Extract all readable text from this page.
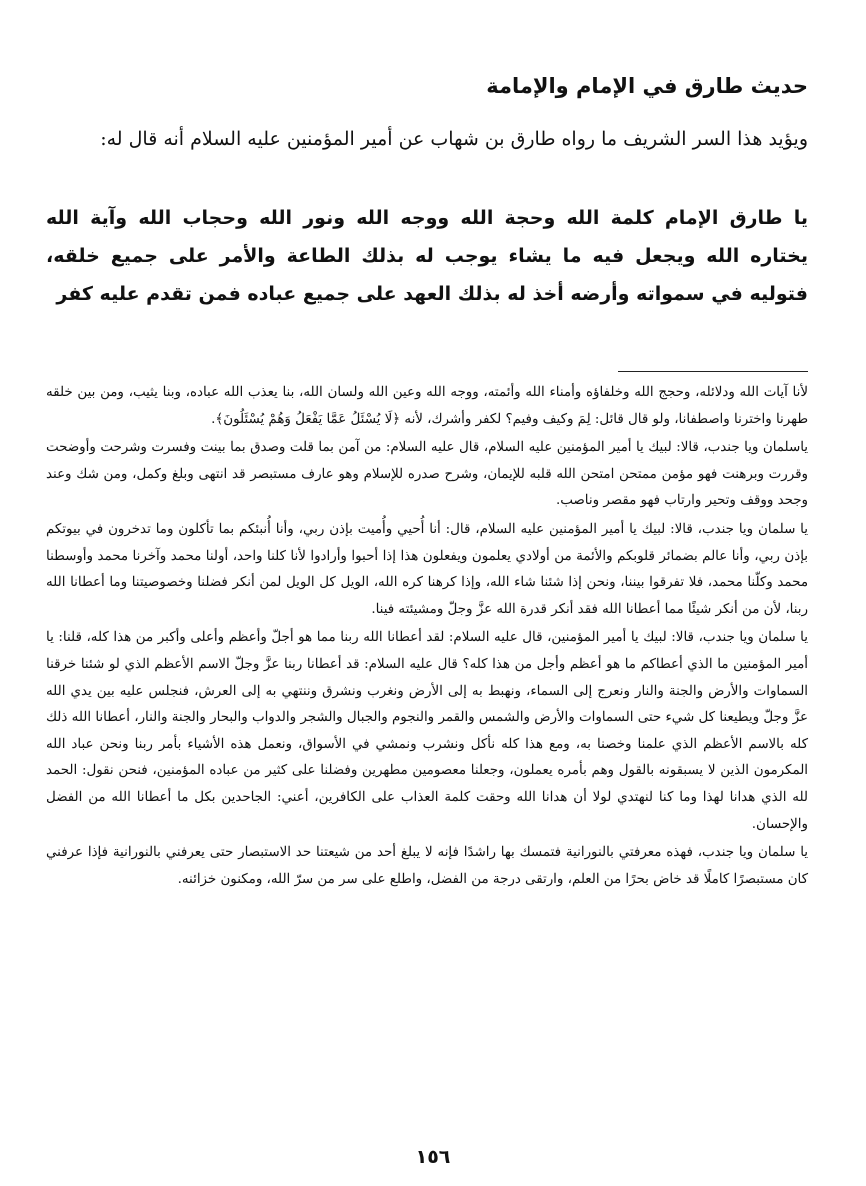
حديث طارق في الإمام والإمامة

ويؤيد هذا السر الشريف ما رواه طارق بن شهاب عن أمير المؤمنين عليه السلام أنه قال له:

يا طارق الإمام كلمة الله وحجة الله ووجه الله ونور الله وحجاب الله وآية الله يختاره الله ويجعل فيه ما يشاء يوجب له بذلك الطاعة والأمر على جميع خلقه، فتوليه في سمواته وأرضه أخذ له بذلك العهد على جميع عباده فمن تقدم عليه كفر

لأنا آيات الله ودلائله، وحجج الله وخلفاؤه وأمناء الله وأئمته، ووجه الله وعين الله ولسان الله، بنا يعذب الله عباده، وبنا يثيب، ومن بين خلقه طهرنا واخترنا واصطفانا، ولو قال قائل: لِمَ وكيف وفيم؟ لكفر وأشرك، لأنه ﴿لَا يُسْئَلُ عَمَّا يَفْعَلُ وَهُمْ يُسْئَلُونَ﴾.

ياسلمان ويا جندب، قالا: لبيك يا أمير المؤمنين عليه السلام، قال عليه السلام: من آمن بما قلت وصدق بما بينت وفسرت وشرحت وأوضحت وقررت وبرهنت فهو مؤمن ممتحن امتحن الله قلبه للإيمان، وشرح صدره للإسلام وهو عارف مستبصر قد انتهى وبلغ وكمل، ومن شك وعند وجحد ووقف وتحير وارتاب فهو مقصر وناصب.

يا سلمان ويا جندب، قالا: لبيك يا أمير المؤمنين عليه السلام، قال: أنا أُحيي وأُميت بإذن ربي، وأنا أُنبئكم بما تأكلون وما تدخرون في بيوتكم بإذن ربي، وأنا عالم بضمائر قلوبكم والأئمة من أولادي يعلمون ويفعلون هذا إذا أحبوا وأرادوا لأنا كلنا واحد، أولنا محمد وآخرنا محمد وأوسطنا محمد وكلّنا محمد، فلا تفرقوا بيننا، ونحن إذا شئنا شاء الله، وإذا كرهنا كره الله، الويل كل الويل لمن أنكر فضلنا وخصوصيتنا وما أعطانا الله ربنا، لأن من أنكر شيئًا مما أعطانا الله فقد أنكر قدرة الله عزَّ وجلّ ومشيئته فينا.

يا سلمان ويا جندب، قالا: لبيك يا أمير المؤمنين، قال عليه السلام: لقد أعطانا الله ربنا مما هو أجلّ وأعظم وأعلى وأكبر من هذا كله، قلنا: يا أمير المؤمنين ما الذي أعطاكم ما هو أعظم وأجل من هذا كله؟ قال عليه السلام: قد أعطانا ربنا عزَّ وجلّ الاسم الأعظم الذي لو شئنا خرقنا السماوات والأرض والجنة والنار ونعرج إلى السماء، ونهبط به إلى الأرض ونغرب ونشرق وننتهي به إلى العرش، فنجلس عليه بين يدي الله عزَّ وجلّ ويطيعنا كل شيء حتى السماوات والأرض والشمس والقمر والنجوم والجبال والشجر والدواب والبحار والجنة والنار، أعطانا الله ذلك كله بالاسم الأعظم الذي علمنا وخصنا به، ومع هذا كله نأكل ونشرب ونمشي في الأسواق، ونعمل هذه الأشياء بأمر ربنا ونحن عباد الله المكرمون الذين لا يسبقونه بالقول وهم بأمره يعملون، وجعلنا معصومين مطهرين وفضلنا على كثير من عباده المؤمنين، فنحن نقول: الحمد لله الذي هدانا لهذا وما كنا لنهتدي لولا أن هدانا الله وحقت كلمة العذاب على الكافرين، أعني: الجاحدين بكل ما أعطانا الله من الفضل والإحسان.

يا سلمان ويا جندب، فهذه معرفتي بالنورانية فتمسك بها راشدًا فإنه لا يبلغ أحد من شيعتنا حد الاستبصار حتى يعرفني بالنورانية فإذا عرفني كان مستبصرًا كاملًا قد خاض بحرًا من العلم، وارتقى درجة من الفضل، واطلع على سر من سرّ الله، ومكنون خزائنه.

١٥٦
